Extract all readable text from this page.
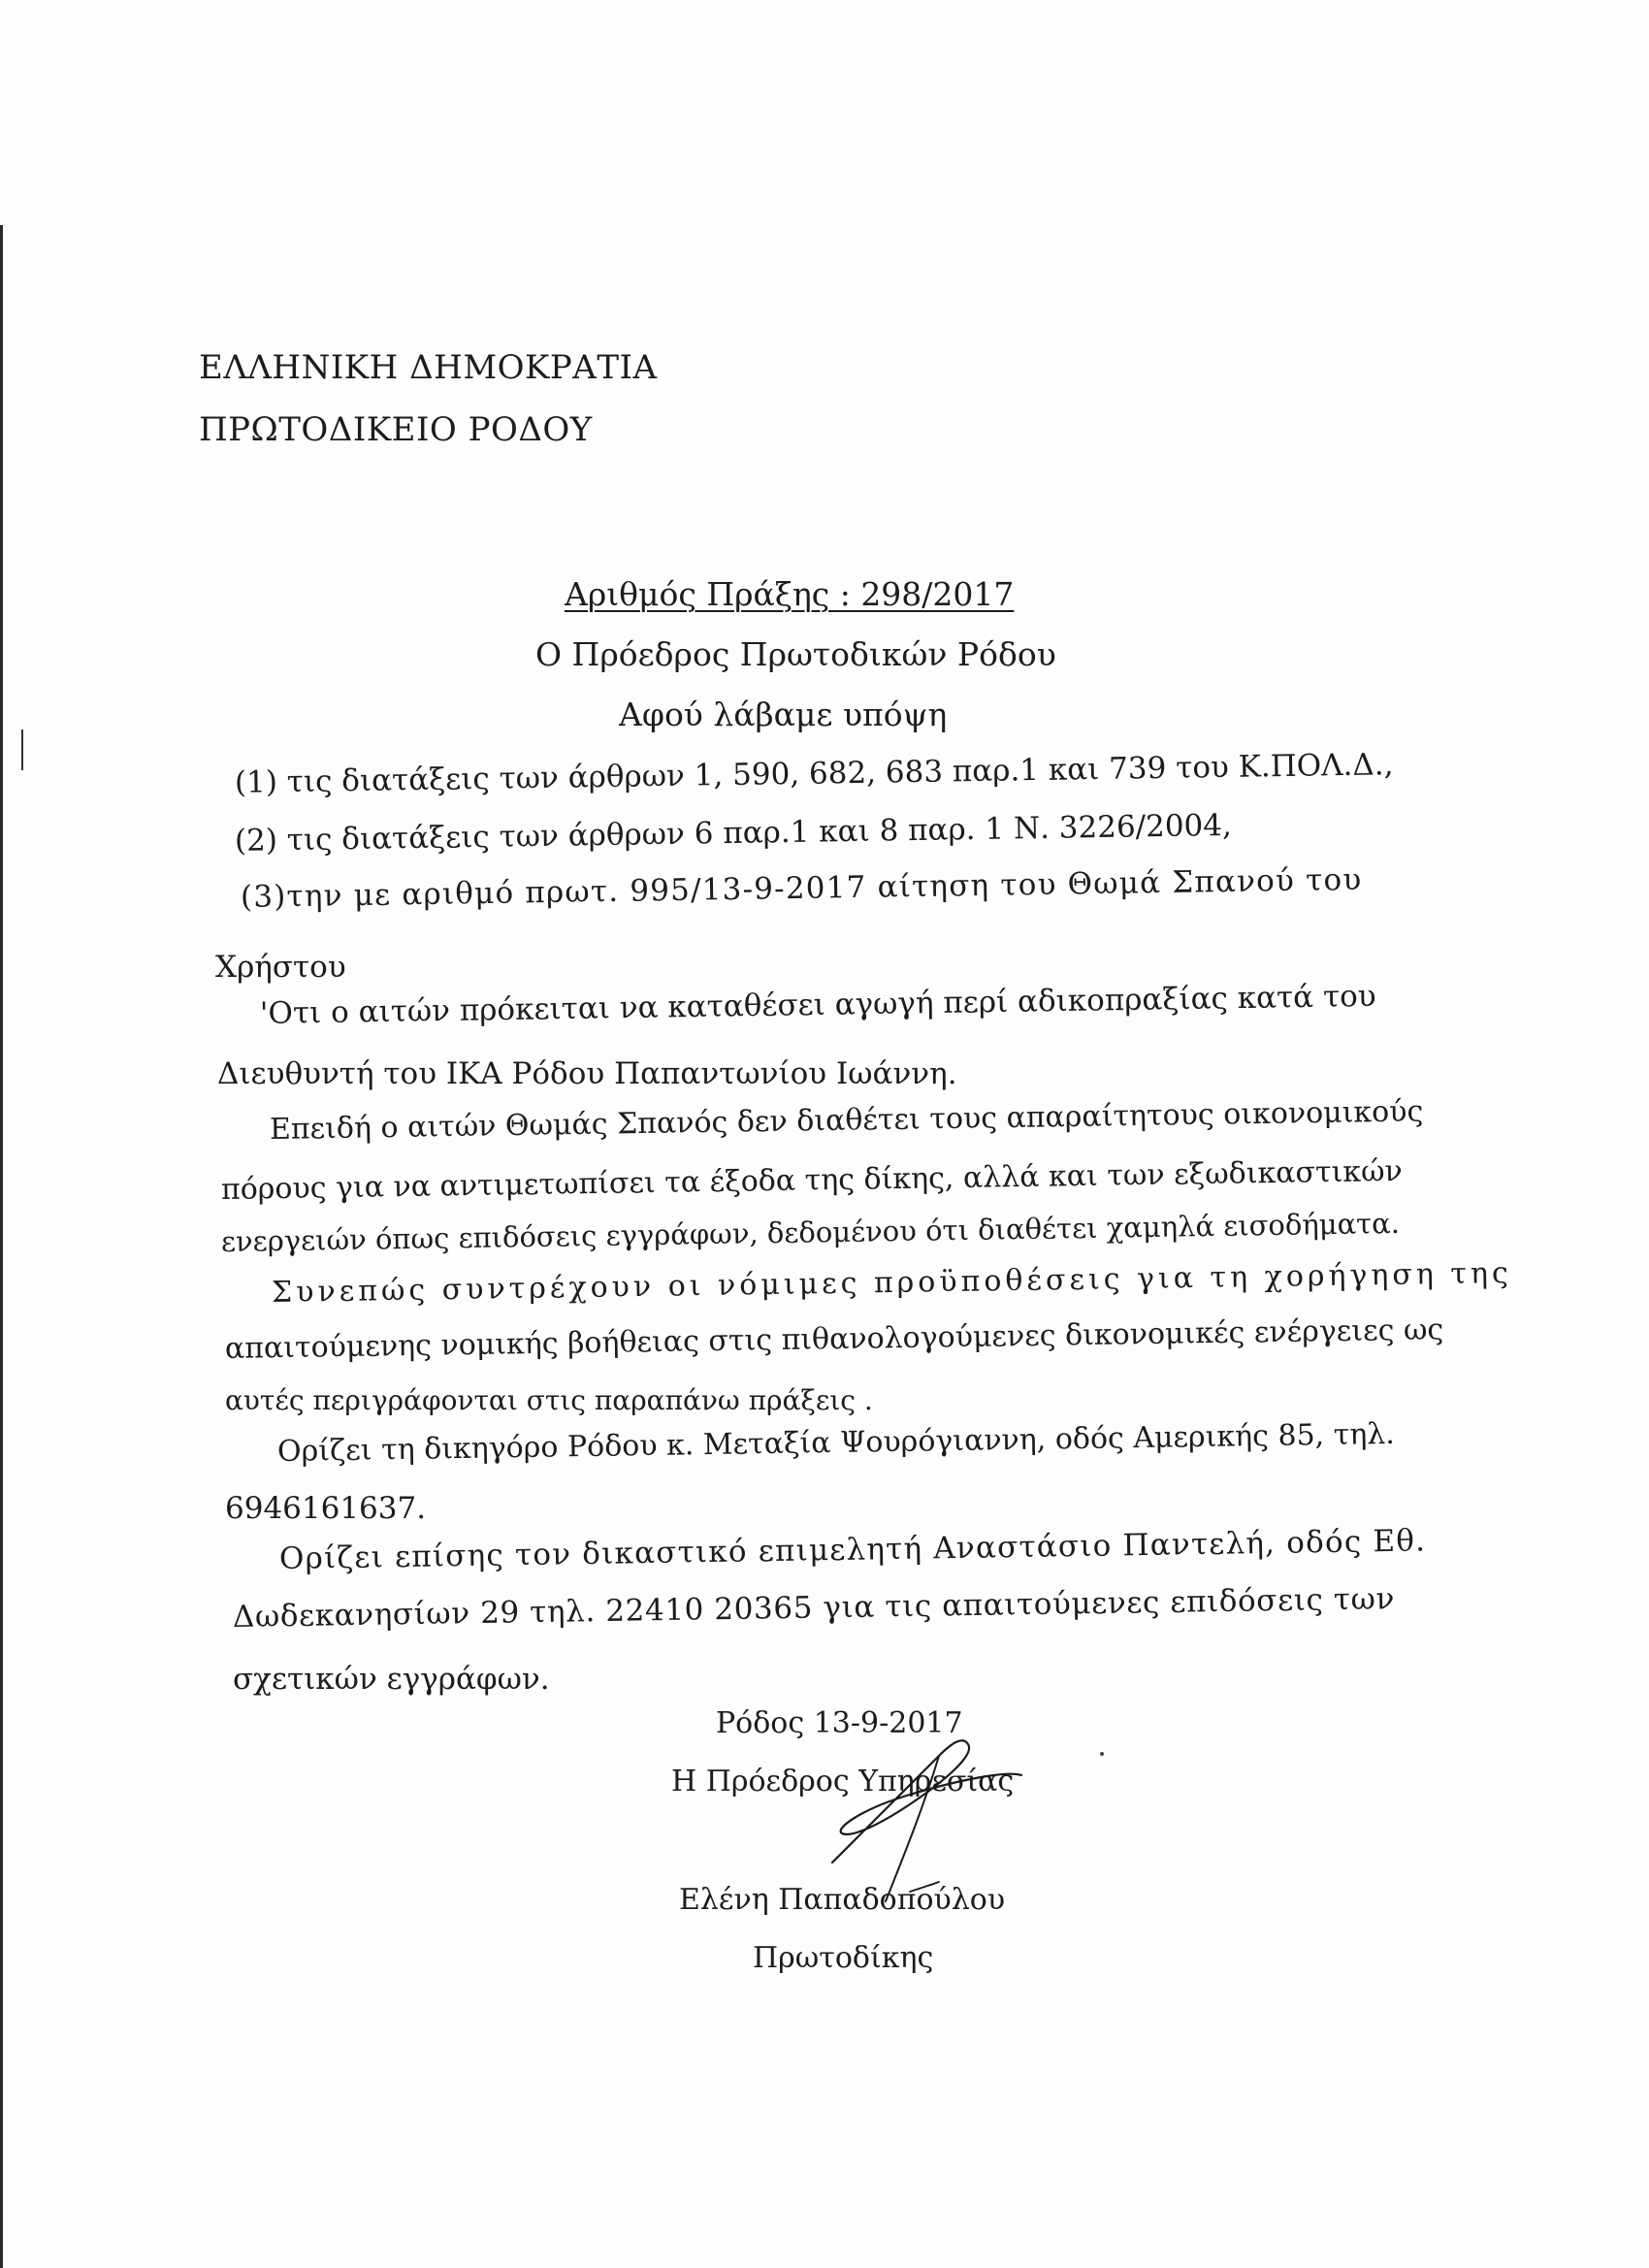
ΕΛΛΗΝΙΚΗ ΔΗΜΟΚΡΑΤΙΑ
ΠΡΩΤΟΔΙΚΕΙΟ ΡΟΔΟΥ
Αριθμός Πράξης : 298/2017
Ο Πρόεδρος Πρωτοδικών Ρόδου
Αφού λάβαμε υπόψη
(1) τις διατάξεις των άρθρων 1, 590, 682, 683 παρ.1 και 739 του Κ.ΠΟΛ.Δ.,
(2) τις διατάξεις των άρθρων 6 παρ.1 και 8 παρ. 1 Ν. 3226/2004,
(3)την με αριθμό πρωτ. 995/13-9-2017 αίτηση του Θωμά Σπανού του
Χρήστου
'Οτι ο αιτών πρόκειται να καταθέσει αγωγή περί αδικοπραξίας κατά του
Διευθυντή του ΙΚΑ Ρόδου Παπαντωνίου Ιωάννη.
Επειδή ο αιτών Θωμάς Σπανός δεν διαθέτει τους απαραίτητους οικονομικούς
πόρους για να αντιμετωπίσει τα έξοδα της δίκης, αλλά και των εξωδικαστικών
ενεργειών όπως επιδόσεις εγγράφων, δεδομένου ότι διαθέτει χαμηλά εισοδήματα.
Συνεπώς συντρέχουν οι νόμιμες προϋποθέσεις για τη χορήγηση της
απαιτούμενης νομικής βοήθειας στις πιθανολογούμενες δικονομικές ενέργειες ως
αυτές περιγράφονται στις παραπάνω πράξεις .
Ορίζει τη δικηγόρο Ρόδου κ. Μεταξία Ψουρόγιαννη, οδός Αμερικής 85, τηλ.
6946161637.
Ορίζει επίσης τον δικαστικό επιμελητή Αναστάσιο Παντελή, οδός Εθ.
Δωδεκανησίων 29 τηλ. 22410 20365 για τις απαιτούμενες επιδόσεις των
σχετικών εγγράφων.
Ρόδος 13-9-2017
Η Πρόεδρος Υπηρεσίας
Ελένη Παπαδοπούλου
Πρωτοδίκης
